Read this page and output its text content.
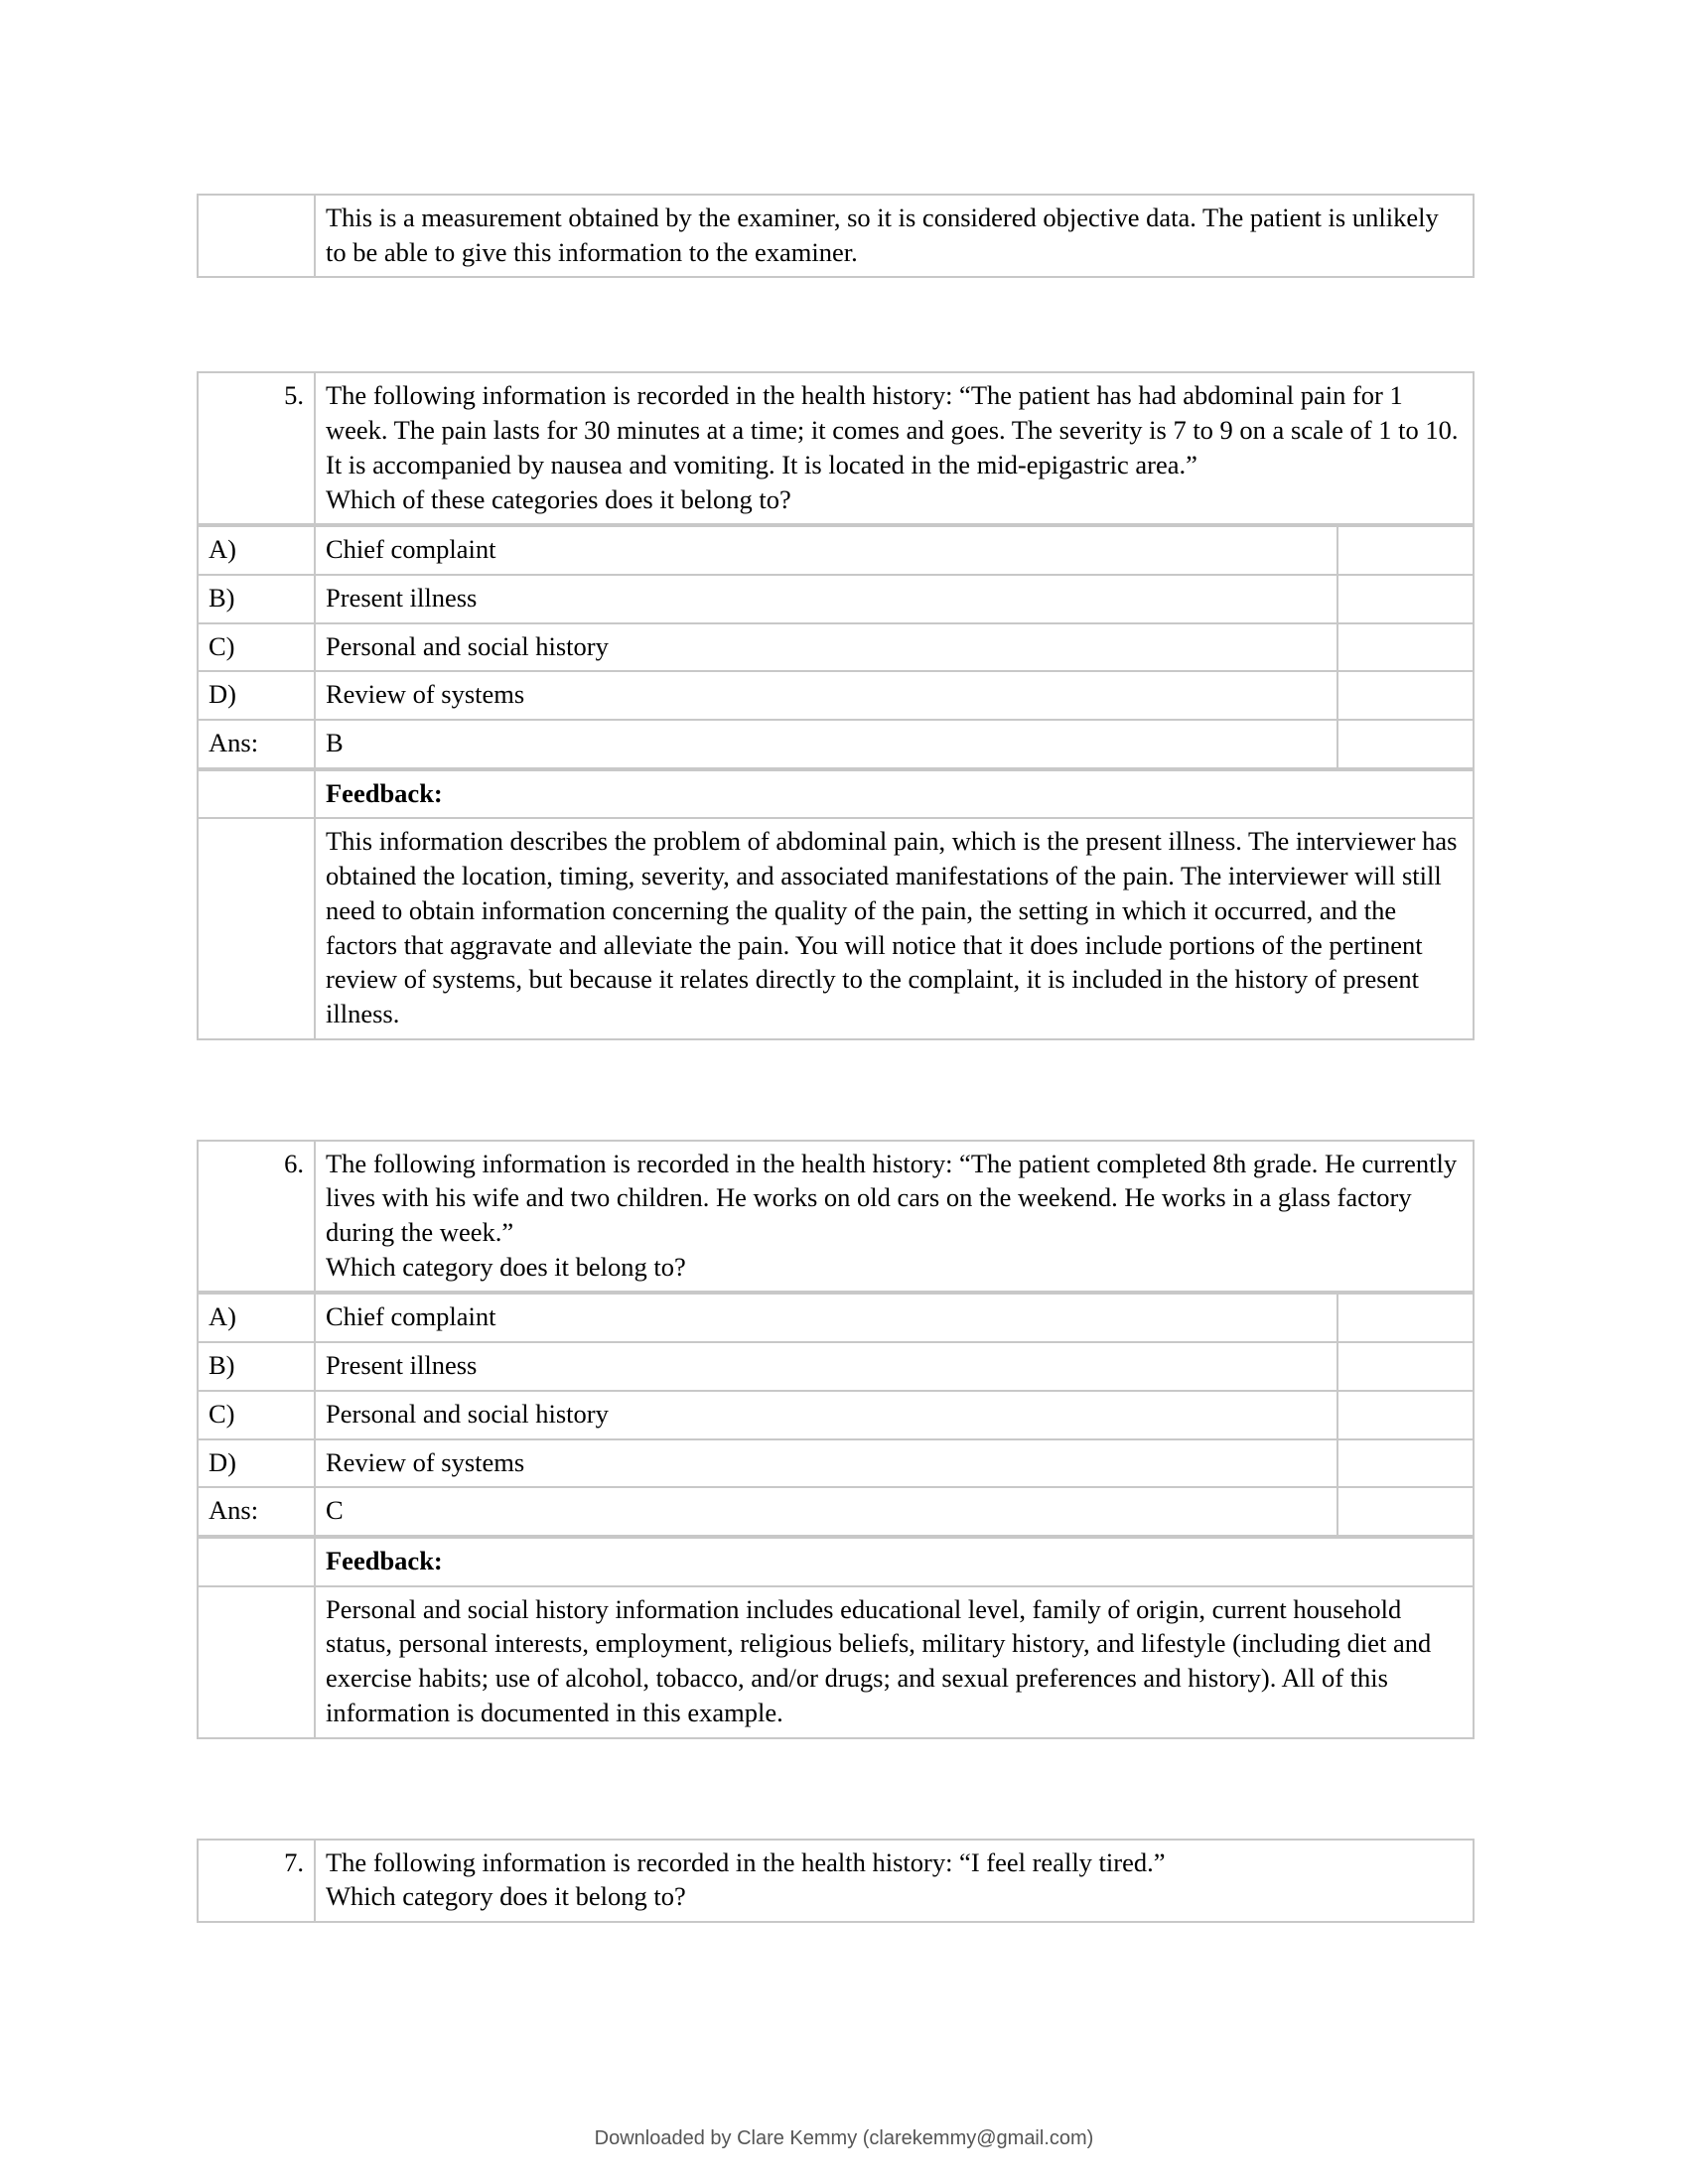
	This is a measurement obtained by the examiner, so it is considered objective data. The patient is unlikely to be able to give this information to the examiner.
5.	The following information is recorded in the health history: “The patient has had abdominal pain for 1 week. The pain lasts for 30 minutes at a time; it comes and goes. The severity is 7 to 9 on a scale of 1 to 10. It is accompanied by nausea and vomiting. It is located in the mid-epigastric area.”

Which of these categories does it belong to?

A)	Chief complaint	
B)	Present illness	
C)	Personal and social history	
D)	Review of systems	
Ans:	B	
	Feedback:
	This information describes the problem of abdominal pain, which is the present illness. The interviewer has obtained the location, timing, severity, and associated manifestations of the pain. The interviewer will still need to obtain information concerning the quality of the pain, the setting in which it occurred, and the factors that aggravate and alleviate the pain. You will notice that it does include portions of the pertinent review of systems, but because it relates directly to the complaint, it is included in the history of present illness.
6.	The following information is recorded in the health history: “The patient completed 8th grade. He currently lives with his wife and two children. He works on old cars on the weekend. He works in a glass factory during the week.”

Which category does it belong to?

A)	Chief complaint	
B)	Present illness	
C)	Personal and social history	
D)	Review of systems	
Ans:	C	
	Feedback:
	Personal and social history information includes educational level, family of origin, current household status, personal interests, employment, religious beliefs, military history, and lifestyle (including diet and exercise habits; use of alcohol, tobacco, and/or drugs; and sexual preferences and history). All of this information is documented in this example.
7.	The following information is recorded in the health history: “I feel really tired.”

Which category does it belong to?

Downloaded by Clare Kemmy (clarekemmy@gmail.com)
